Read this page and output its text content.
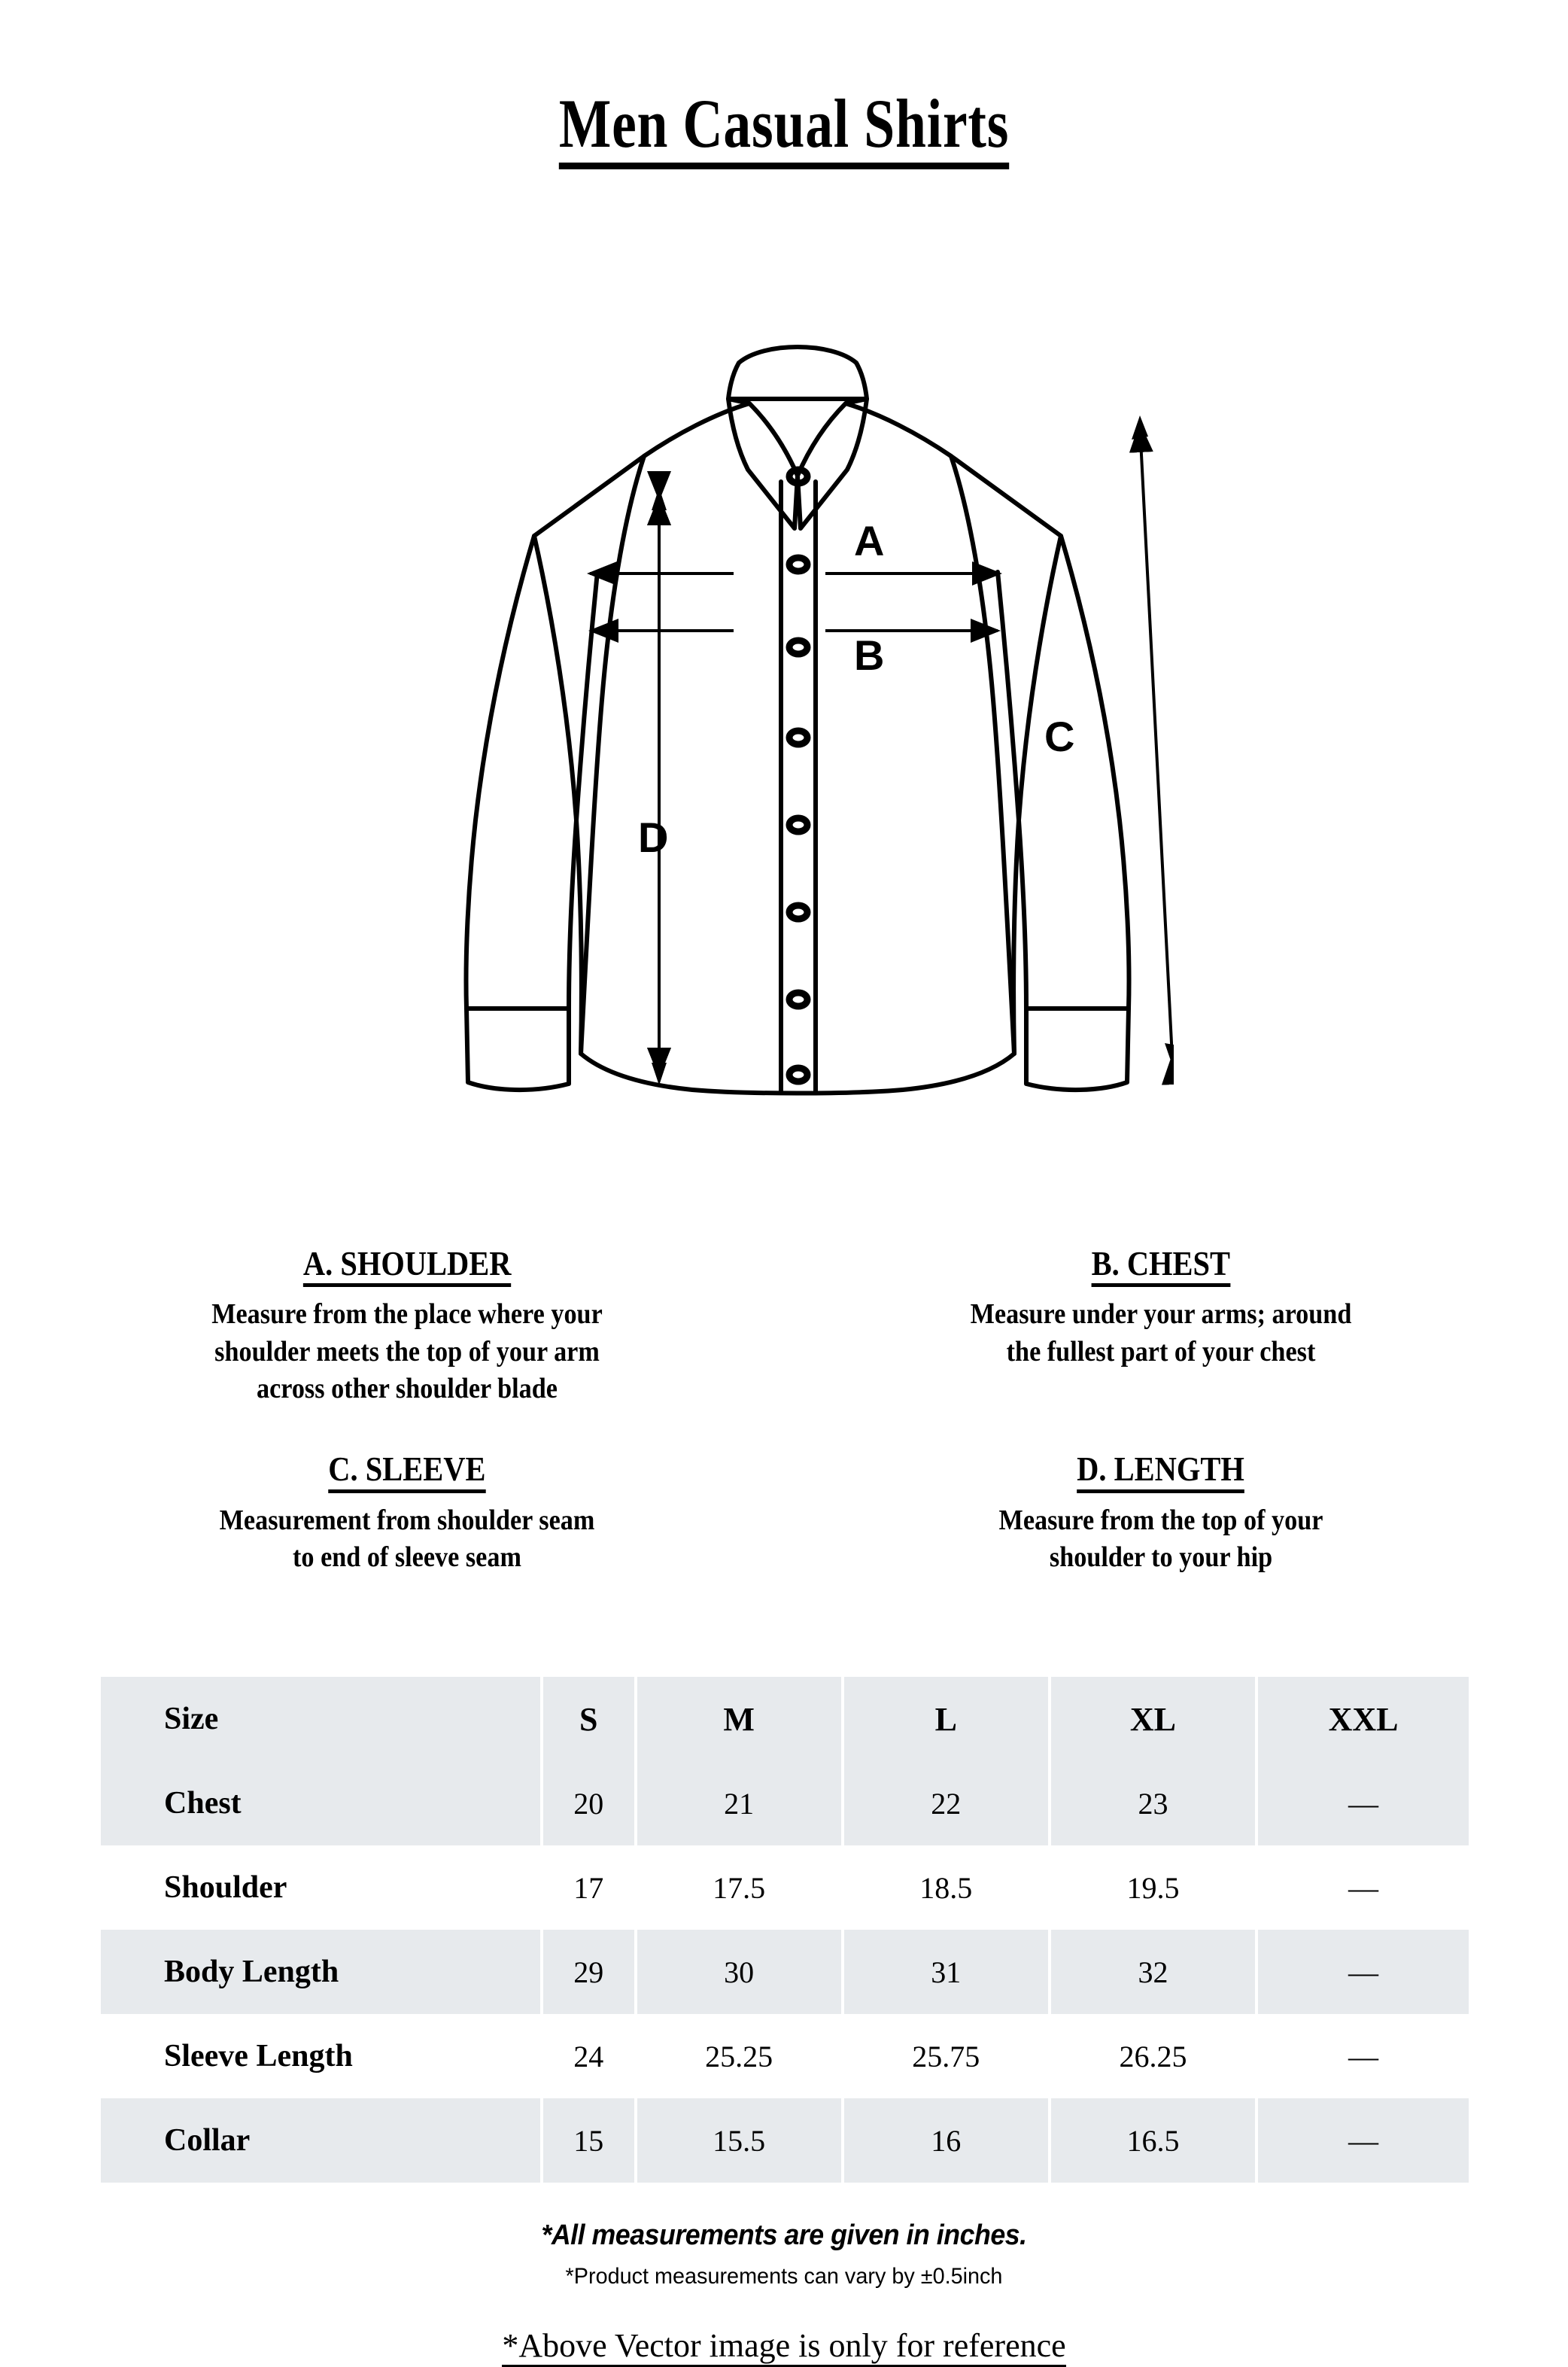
Men Casual Shirts
A
B
C
D
A. SHOULDER
Measure from the place where your
shoulder meets the top of your arm
across other shoulder blade
B. CHEST
Measure under your arms; around
the fullest part of your chest
C. SLEEVE
Measurement from shoulder seam
to end of sleeve seam
D. LENGTH
Measure from the top of your
shoulder to your hip
Size	S	M	L	XL	XXL
Chest	20	21	22	23	—
Shoulder	17	17.5	18.5	19.5	—
Body Length	29	30	31	32	—
Sleeve Length	24	25.25	25.75	26.25	—
Collar	15	15.5	16	16.5	—
*All measurements are given in inches.
*Product measurements can vary by ±0.5inch
*Above Vector image is only for reference
